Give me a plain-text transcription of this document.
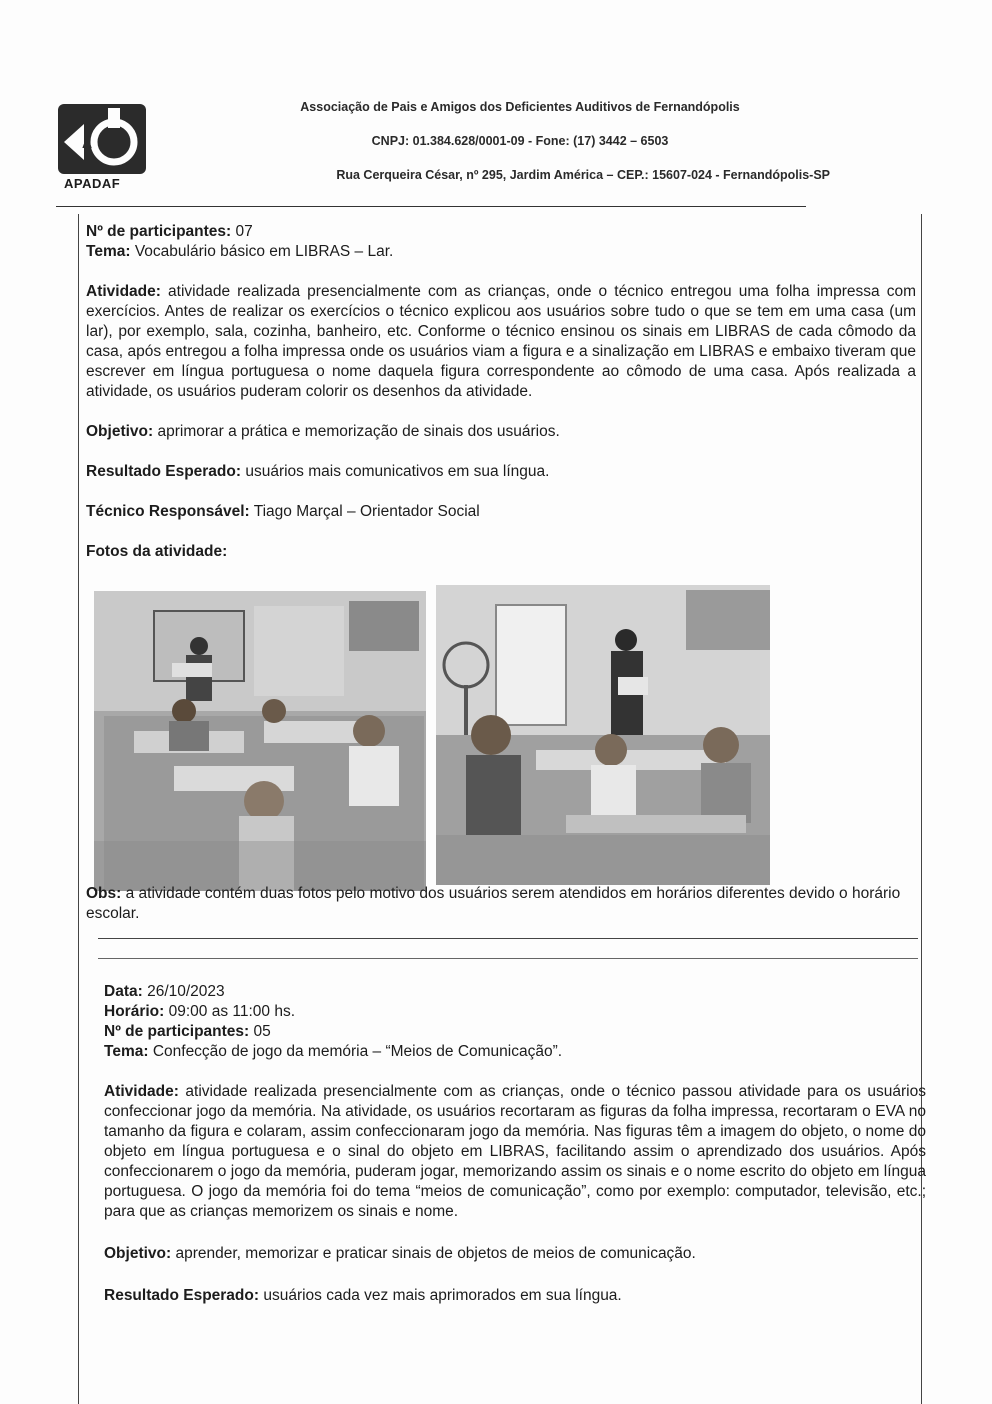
A
APADAF
Associação de Pais e Amigos dos Deficientes Auditivos de Fernandópolis
CNPJ: 01.384.628/0001-09 - Fone: (17) 3442 – 6503
Rua Cerqueira César, nº 295, Jardim América – CEP.: 15607-024 - Fernandópolis-SP

Nº de participantes: 07

Tema: Vocabulário básico em LIBRAS – Lar.

Atividade: atividade realizada presencialmente com as crianças, onde o técnico entregou uma folha impressa com exercícios. Antes de realizar os exercícios o técnico explicou aos usuários sobre tudo o que se tem em uma casa (um lar), por exemplo, sala, cozinha, banheiro, etc. Conforme o técnico ensinou os sinais em LIBRAS de cada cômodo da casa, após entregou a folha impressa onde os usuários viam a figura e a sinalização em LIBRAS e embaixo tiveram que escrever em língua portuguesa o nome daquela figura correspondente ao cômodo de uma casa. Após realizada a atividade, os usuários puderam colorir os desenhos da atividade.

Objetivo: aprimorar a prática e memorização de sinais dos usuários.

Resultado Esperado: usuários mais comunicativos em sua língua.

Técnico Responsável: Tiago Marçal – Orientador Social

Fotos da atividade:

Obs: a atividade contém duas fotos pelo motivo dos usuários serem atendidos em horários diferentes devido o horário escolar.

Data: 26/10/2023

Horário: 09:00 as 11:00 hs.

Nº de participantes: 05

Tema: Confecção de jogo da memória – “Meios de Comunicação”.

Atividade: atividade realizada presencialmente com as crianças, onde o técnico passou atividade para os usuários confeccionar jogo da memória. Na atividade, os usuários recortaram as figuras da folha impressa, recortaram o EVA no tamanho da figura e colaram, assim confeccionaram jogo da memória. Nas figuras têm a imagem do objeto, o nome do objeto em língua portuguesa e o sinal do objeto em LIBRAS, facilitando assim o aprendizado dos usuários. Após confeccionarem o jogo da memória, puderam jogar, memorizando assim os sinais e o nome escrito do objeto em língua portuguesa. O jogo da memória foi do tema “meios de comunicação”, como por exemplo: computador, televisão, etc.; para que as crianças memorizem os sinais e nome.

Objetivo: aprender, memorizar e praticar sinais de objetos de meios de comunicação.

Resultado Esperado: usuários cada vez mais aprimorados em sua língua.
